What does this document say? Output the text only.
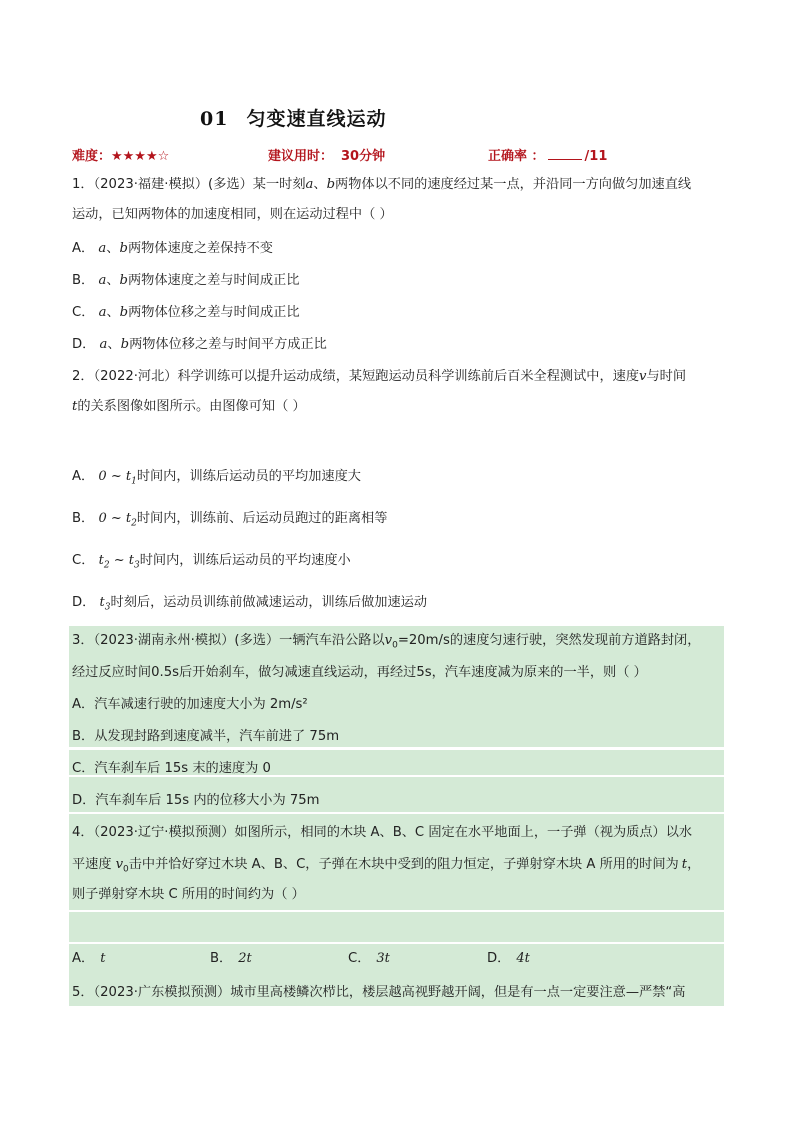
01 匀变速直线运动
难度：★★★★☆	建议用时： 30分钟	正确率 ：	/11
1．（2023·福建·模拟）(多选）某一时刻a、b两物体以不同的速度经过某一点，并沿同一方向做匀加速直线
运动，已知两物体的加速度相同，则在运动过程中（ ）
A． a、b两物体速度之差保持不变
B． a、b两物体速度之差与时间成正比
C． a、b两物体位移之差与时间成正比
D． a、b两物体位移之差与时间平方成正比
2．（2022·河北）科学训练可以提升运动成绩，某短跑运动员科学训练前后百米全程测试中，速度v与时间
t的关系图像如图所示。由图像可知（ ）
A． 0 ~ $t_1$时间内，训练后运动员的平均加速度大
B． 0 ~ $t_2$时间内，训练前、后运动员跑过的距离相等
C． $t_2$ ~ $t_3$时间内，训练后运动员的平均速度小
D． $t_3$时刻后，运动员训练前做减速运动，训练后做加速运动
3．（2023·湖南永州·模拟）(多选）一辆汽车沿公路以$v_0=20m/s$的速度匀速行驶，突然发现前方道路封闭，
经过反应时间0.5s后开始刹车，做匀减速直线运动，再经过5s，汽车速度减为原来的一半，则（ ）
A．汽车减速行驶的加速度大小为 2m/s²
B．从发现封路到速度减半，汽车前进了 75m
C．汽车刹车后 15s 末的速度为 0
D．汽车刹车后 15s 内的位移大小为 75m
4．（2023·辽宁·模拟预测）如图所示，相同的木块 A、B、C 固定在水平地面上，一子弹（视为质点）以水
平速度 $v_0$击中并恰好穿过木块 A、B、C，子弹在木块中受到的阻力恒定，子弹射穿木块 A 所用的时间为 t，
则子弹射穿木块 C 所用的时间约为（ ）
A． t	B． 2t	C． 3t	D． 4t
5．（2023·广东模拟预测）城市里高楼鳞次栉比，楼层越高视野越开阔，但是有一点一定要注意—严禁“高
